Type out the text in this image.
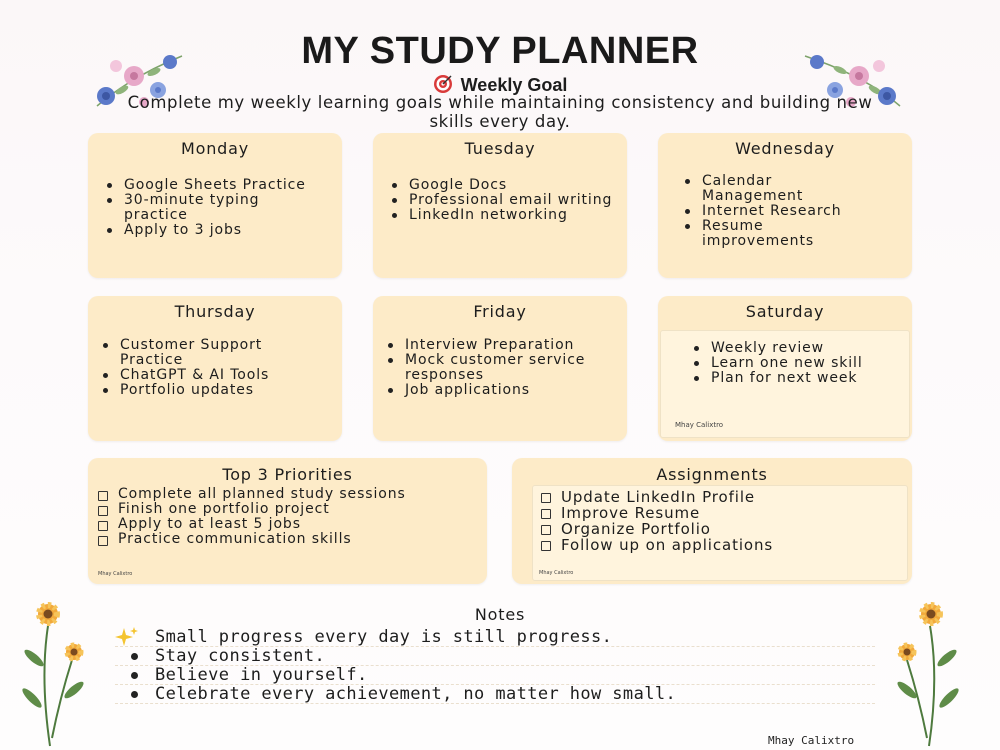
MY STUDY PLANNER
Weekly Goal
Complete my weekly learning goals while maintaining consistency and building new skills every day.
Monday
Google Sheets Practice
30-minute typing practice
Apply to 3 jobs
Tuesday
Google Docs
Professional email writing
LinkedIn networking
Wednesday
Calendar Management
Internet Research
Resume improvements
Thursday
Customer Support Practice
ChatGPT & AI Tools
Portfolio updates
Friday
Interview Preparation
Mock customer service responses
Job applications
Saturday
Weekly review
Learn one new skill
Plan for next week
Mhay Calixtro
Top 3 Priorities
Complete all planned study sessions
Finish one portfolio project
Apply to at least 5 jobs
Practice communication skills
Mhay Calixtro
Assignments
Update LinkedIn Profile
Improve Resume
Organize Portfolio
Follow up on applications
Mhay Calixtro
Notes
Small progress every day is still progress.
Stay consistent.
Believe in yourself.
Celebrate every achievement, no matter how small.
Mhay Calixtro
